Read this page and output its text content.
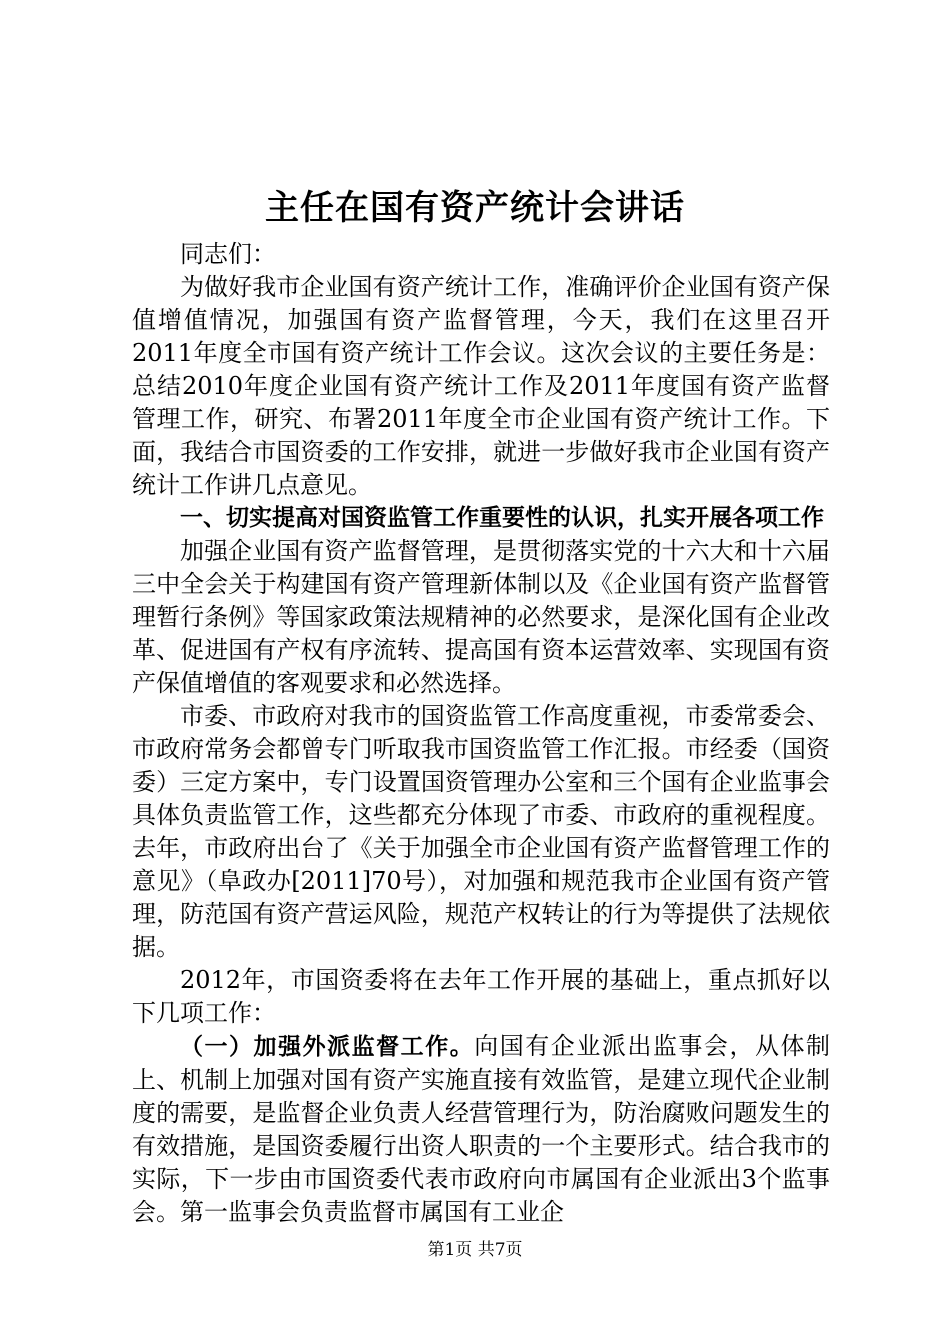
主任在国有资产统计会讲话

同志们：

为做好我市企业国有资产统计工作，准确评价企业国有资产保值增值情况，加强国有资产监督管理，今天，我们在这里召开2011年度全市国有资产统计工作会议。这次会议的主要任务是：总结2010年度企业国有资产统计工作及2011年度国有资产监督管理工作，研究、布署2011年度全市企业国有资产统计工作。下面，我结合市国资委的工作安排，就进一步做好我市企业国有资产统计工作讲几点意见。

一、切实提高对国资监管工作重要性的认识，扎实开展各项工作

加强企业国有资产监督管理，是贯彻落实党的十六大和十六届三中全会关于构建国有资产管理新体制以及《企业国有资产监督管理暂行条例》等国家政策法规精神的必然要求，是深化国有企业改革、促进国有产权有序流转、提高国有资本运营效率、实现国有资产保值增值的客观要求和必然选择。

市委、市政府对我市的国资监管工作高度重视，市委常委会、市政府常务会都曾专门听取我市国资监管工作汇报。市经委（国资委）三定方案中，专门设置国资管理办公室和三个国有企业监事会具体负责监管工作，这些都充分体现了市委、市政府的重视程度。去年，市政府出台了《关于加强全市企业国有资产监督管理工作的意见》（阜政办[2011]70号），对加强和规范我市企业国有资产管理，防范国有资产营运风险，规范产权转让的行为等提供了法规依据。

2012年，市国资委将在去年工作开展的基础上，重点抓好以下几项工作：

（一）加强外派监督工作。向国有企业派出监事会，从体制上、机制上加强对国有资产实施直接有效监管，是建立现代企业制度的需要，是监督企业负责人经营管理行为，防治腐败问题发生的有效措施，是国资委履行出资人职责的一个主要形式。结合我市的实际，下一步由市国资委代表市政府向市属国有企业派出3个监事会。第一监事会负责监督市属国有工业企

第1页 共7页
